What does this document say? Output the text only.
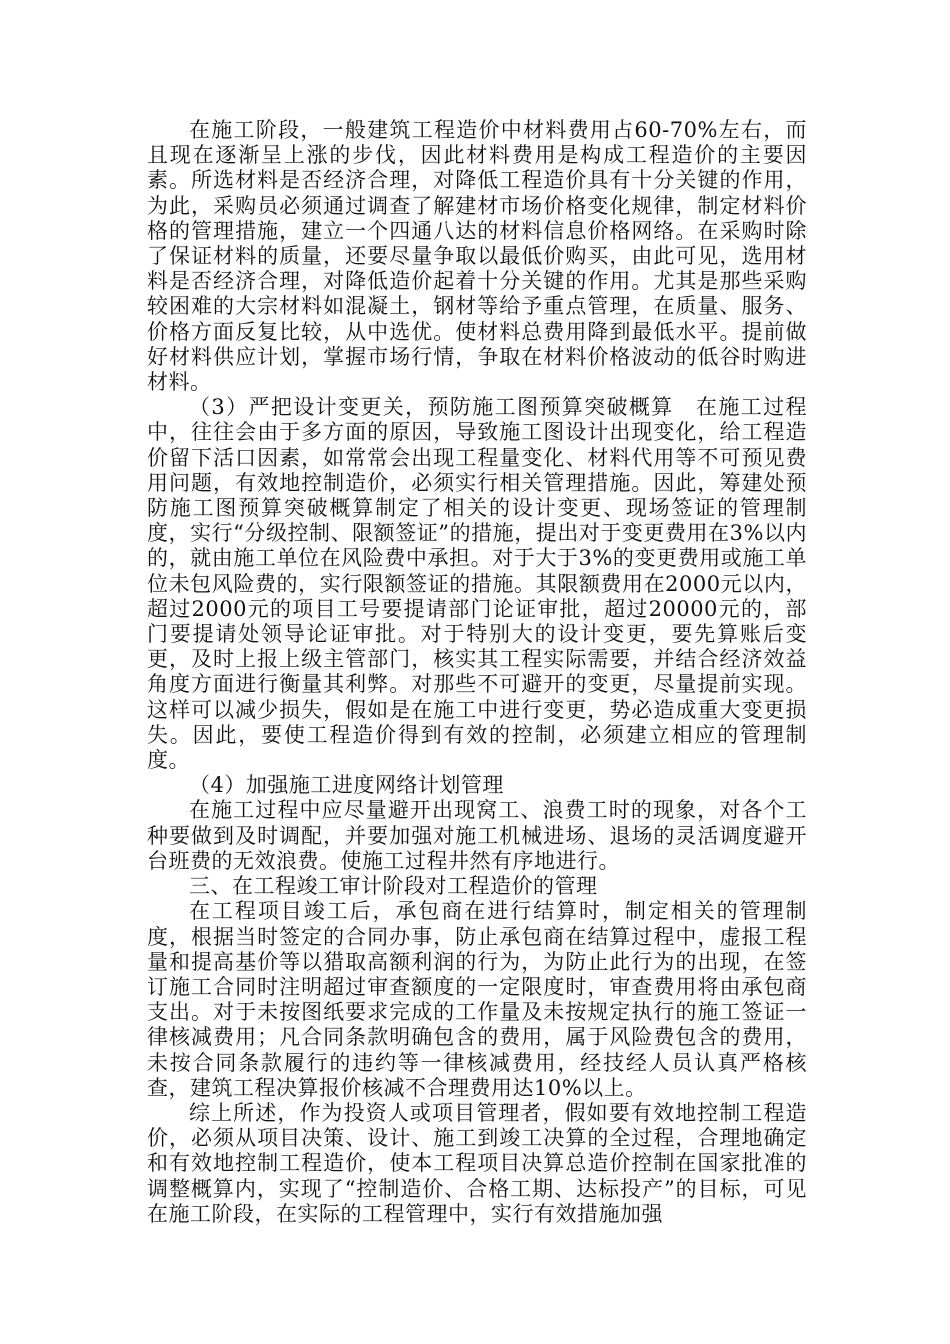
在施工阶段，一般建筑工程造价中材料费用占60-70%左右，而且现在逐渐呈上涨的步伐，因此材料费用是构成工程造价的主要因素。所选材料是否经济合理，对降低工程造价具有十分关键的作用，为此，采购员必须通过调查了解建材市场价格变化规律，制定材料价格的管理措施，建立一个四通八达的材料信息价格网络。在采购时除了保证材料的质量，还要尽量争取以最低价购买，由此可见，选用材料是否经济合理，对降低造价起着十分关键的作用。尤其是那些采购较困难的大宗材料如混凝土，钢材等给予重点管理，在质量、服务、价格方面反复比较，从中选优。使材料总费用降到最低水平。提前做好材料供应计划，掌握市场行情，争取在材料价格波动的低谷时购进材料。

（3）严把设计变更关，预防施工图预算突破概算　在施工过程中，往往会由于多方面的原因，导致施工图设计出现变化，给工程造价留下活口因素，如常常会出现工程量变化、材料代用等不可预见费用问题，有效地控制造价，必须实行相关管理措施。因此，筹建处预防施工图预算突破概算制定了相关的设计变更、现场签证的管理制度，实行“分级控制、限额签证”的措施，提出对于变更费用在3%以内的，就由施工单位在风险费中承担。对于大于3%的变更费用或施工单位未包风险费的，实行限额签证的措施。其限额费用在2000元以内，超过2000元的项目工号要提请部门论证审批，超过20000元的，部门要提请处领导论证审批。对于特别大的设计变更，要先算账后变更，及时上报上级主管部门，核实其工程实际需要，并结合经济效益角度方面进行衡量其利弊。对那些不可避开的变更，尽量提前实现。这样可以减少损失，假如是在施工中进行变更，势必造成重大变更损失。因此，要使工程造价得到有效的控制，必须建立相应的管理制度。

（4）加强施工进度网络计划管理

在施工过程中应尽量避开出现窝工、浪费工时的现象，对各个工种要做到及时调配，并要加强对施工机械进场、退场的灵活调度避开台班费的无效浪费。使施工过程井然有序地进行。

三、在工程竣工审计阶段对工程造价的管理

在工程项目竣工后，承包商在进行结算时，制定相关的管理制度，根据当时签定的合同办事，防止承包商在结算过程中，虚报工程量和提高基价等以猎取高额利润的行为，为防止此行为的出现，在签订施工合同时注明超过审查额度的一定限度时，审查费用将由承包商支出。对于未按图纸要求完成的工作量及未按规定执行的施工签证一律核减费用；凡合同条款明确包含的费用，属于风险费包含的费用，未按合同条款履行的违约等一律核减费用，经技经人员认真严格核查，建筑工程决算报价核减不合理费用达10%以上。

综上所述，作为投资人或项目管理者，假如要有效地控制工程造价，必须从项目决策、设计、施工到竣工决算的全过程，合理地确定和有效地控制工程造价，使本工程项目决算总造价控制在国家批准的调整概算内，实现了“控制造价、合格工期、达标投产”的目标，可见在施工阶段，在实际的工程管理中，实行有效措施加强
